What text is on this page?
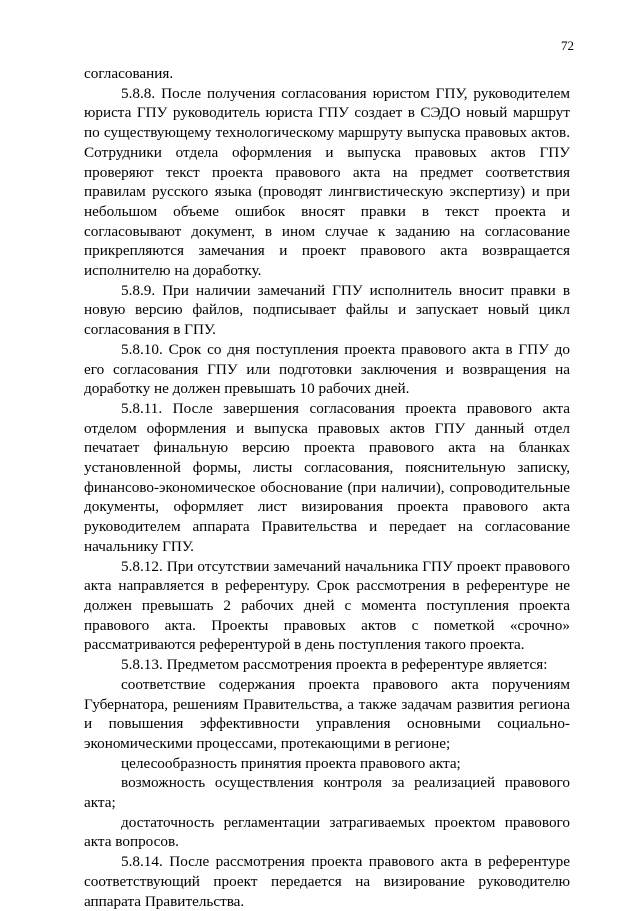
72

согласования.

5.8.8. После получения согласования юристом ГПУ, руководителем юриста ГПУ руководитель юриста ГПУ создает в СЭДО новый маршрут по существующему технологическому маршруту выпуска правовых актов. Сотрудники отдела оформления и выпуска правовых актов ГПУ проверяют текст проекта правового акта на предмет соответствия правилам русского языка (проводят лингвистическую экспертизу) и при небольшом объеме ошибок вносят правки в текст проекта и согласовывают документ, в ином случае к заданию на согласование прикрепляются замечания и проект правового акта возвращается исполнителю на доработку.

5.8.9. При наличии замечаний ГПУ исполнитель вносит правки в новую версию файлов, подписывает файлы и запускает новый цикл согласования в ГПУ.

5.8.10. Срок со дня поступления проекта правового акта в ГПУ до его согласования ГПУ или подготовки заключения и возвращения на доработку не должен превышать 10 рабочих дней.

5.8.11. После завершения согласования проекта правового акта отделом оформления и выпуска правовых актов ГПУ данный отдел печатает финальную версию проекта правового акта на бланках установленной формы, листы согласования, пояснительную записку, финансово-экономическое обоснование (при наличии), сопроводительные документы, оформляет лист визирования проекта правового акта руководителем аппарата Правительства и передает на согласование начальнику ГПУ.

5.8.12. При отсутствии замечаний начальника ГПУ проект правового акта направляется в референтуру. Срок рассмотрения в референтуре не должен превышать 2 рабочих дней с момента поступления проекта правового акта. Проекты правовых актов с пометкой «срочно» рассматриваются референтурой в день поступления такого проекта.

5.8.13. Предметом рассмотрения проекта в референтуре является:

соответствие содержания проекта правового акта поручениям Губернатора, решениям Правительства, а также задачам развития региона и повышения эффективности управления основными социально-экономическими процессами, протекающими в регионе;

целесообразность принятия проекта правового акта;

возможность осуществления контроля за реализацией правового акта;

достаточность регламентации затрагиваемых проектом правового акта вопросов.

5.8.14. После рассмотрения проекта правового акта в референтуре соответствующий проект передается на визирование руководителю аппарата Правительства.
